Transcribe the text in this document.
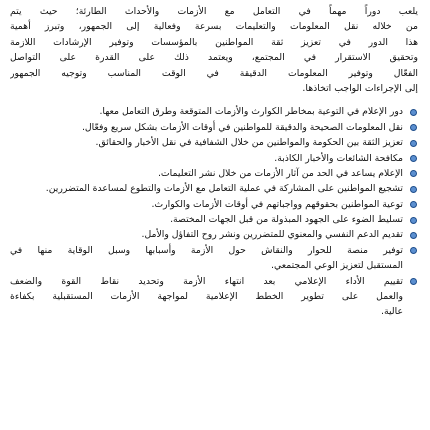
يلعب دوراً مهماً في التعامل مع الأزمات والأحداث الطارئة؛ حيث يتم
من خلاله نقل المعلومات والتعليمات بسرعة وفعالية إلى الجمهور، وتبرز أهمية
هذا الدور في تعزيز ثقة المواطنين بالمؤسسات وتوفير الإرشادات اللازمة
وتحقيق الاستقرار في المجتمع، ويعتمد ذلك على القدرة على التواصل
الفعّال وتوفير المعلومات الدقيقة في الوقت المناسب وتوجيه الجمهور
إلى الإجراءات الواجب اتخاذها.
دور الإعلام في التوعية بمخاطر الكوارث والأزمات المتوقعة وطرق التعامل معها.
نقل المعلومات الصحيحة والدقيقة للمواطنين في أوقات الأزمات بشكل سريع وفعّال.
تعزيز الثقة بين الحكومة والمواطنين من خلال الشفافية في نقل الأخبار والحقائق.
مكافحة الشائعات والأخبار الكاذبة.
الإعلام يساعد في الحد من آثار الأزمات من خلال نشر التعليمات.
تشجيع المواطنين على المشاركة في عملية التعامل مع الأزمات والتطوع لمساعدة المتضررين.
توعية المواطنين بحقوقهم وواجباتهم في أوقات الأزمات والكوارث.
تسليط الضوء على الجهود المبذولة من قبل الجهات المختصة.
تقديم الدعم النفسي والمعنوي للمتضررين ونشر روح التفاؤل والأمل.
توفير منصة للحوار والنقاش حول الأزمة وأسبابها وسبل الوقاية منها في
المستقبل لتعزيز الوعي المجتمعي.
تقييم الأداء الإعلامي بعد انتهاء الأزمة وتحديد نقاط القوة والضعف
والعمل على تطوير الخطط الإعلامية لمواجهة الأزمات المستقبلية بكفاءة
عالية.
